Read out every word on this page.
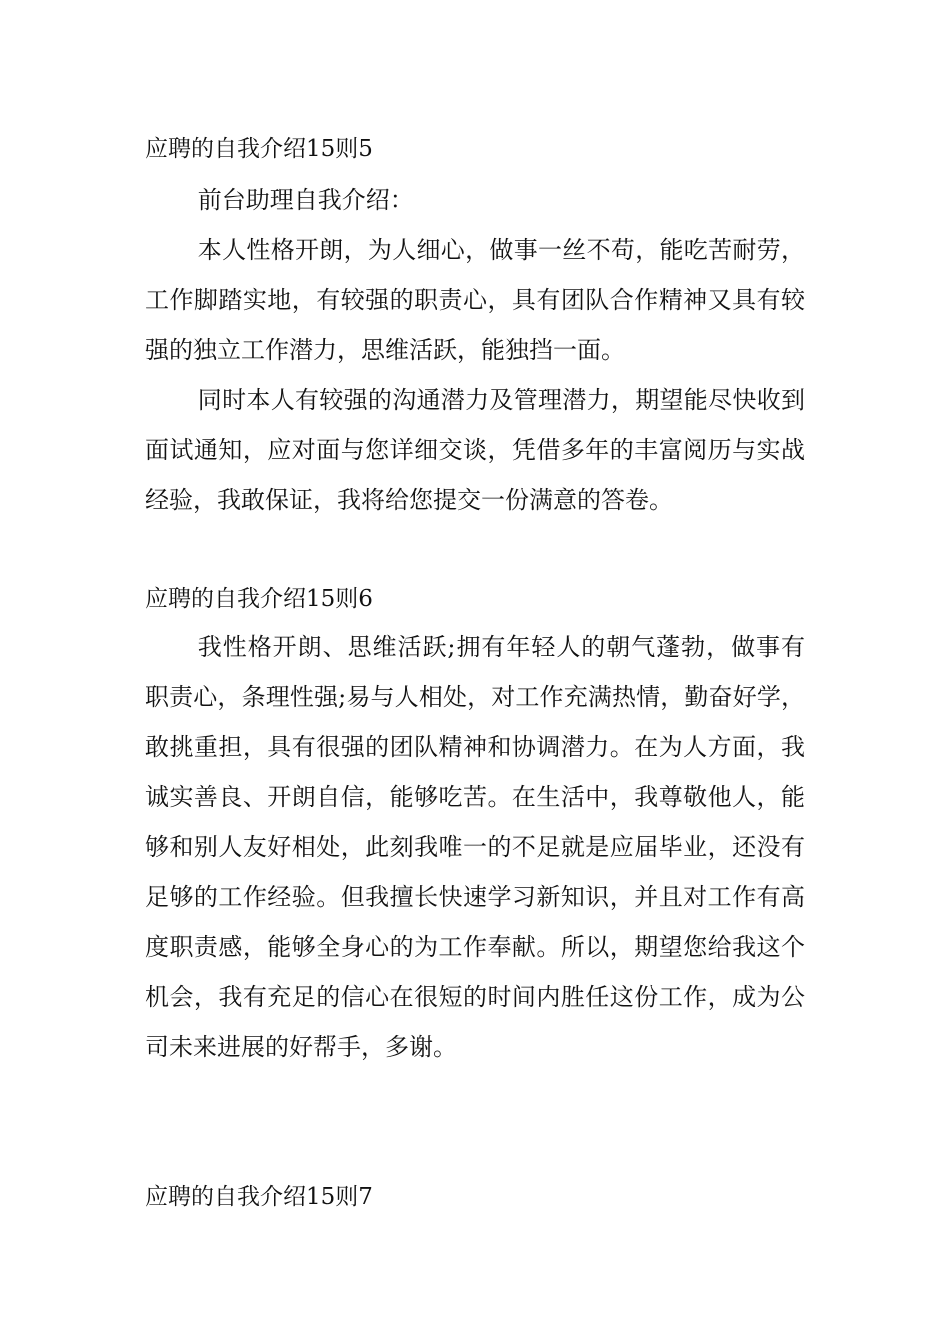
应聘的自我介绍15则5

前台助理自我介绍：

本人性格开朗，为人细心，做事一丝不苟，能吃苦耐劳，工作脚踏实地，有较强的职责心，具有团队合作精神又具有较强的独立工作潜力，思维活跃，能独挡一面。

同时本人有较强的沟通潜力及管理潜力，期望能尽快收到面试通知，应对面与您详细交谈，凭借多年的丰富阅历与实战经验，我敢保证，我将给您提交一份满意的答卷。

应聘的自我介绍15则6

我性格开朗、思维活跃;拥有年轻人的朝气蓬勃，做事有职责心，条理性强;易与人相处，对工作充满热情，勤奋好学，敢挑重担，具有很强的团队精神和协调潜力。在为人方面，我诚实善良、开朗自信，能够吃苦。在生活中，我尊敬他人，能够和别人友好相处，此刻我唯一的不足就是应届毕业，还没有足够的工作经验。但我擅长快速学习新知识，并且对工作有高度职责感，能够全身心的为工作奉献。所以，期望您给我这个机会，我有充足的信心在很短的时间内胜任这份工作，成为公司未来进展的好帮手，多谢。

应聘的自我介绍15则7
